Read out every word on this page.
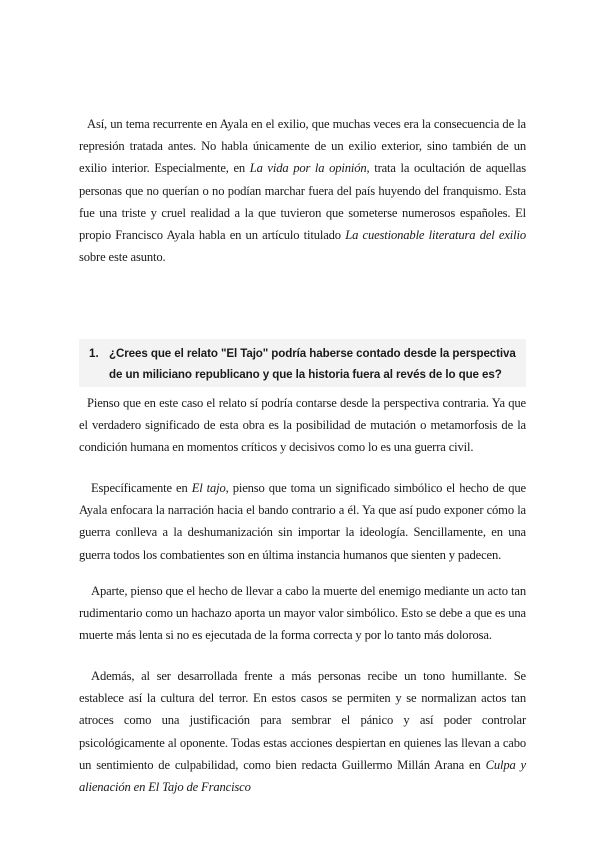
Así, un tema recurrente en Ayala en el exilio, que muchas veces era la consecuencia de la represión tratada antes. No habla únicamente de un exilio exterior, sino también de un exilio interior. Especialmente, en La vida por la opinión, trata la ocultación de aquellas personas que no querían o no podían marchar fuera del país huyendo del franquismo. Esta fue una triste y cruel realidad a la que tuvieron que someterse numerosos españoles. El propio Francisco Ayala habla en un artículo titulado La cuestionable literatura del exilio sobre este asunto.

1. ¿Crees que el relato "El Tajo" podría haberse contado desde la perspectiva de un miliciano republicano y que la historia fuera al revés de lo que es?

Pienso que en este caso el relato sí podría contarse desde la perspectiva contraria. Ya que el verdadero significado de esta obra es la posibilidad de mutación o metamorfosis de la condición humana en momentos críticos y decisivos como lo es una guerra civil.

Específicamente en El tajo, pienso que toma un significado simbólico el hecho de que Ayala enfocara la narración hacia el bando contrario a él. Ya que así pudo exponer cómo la guerra conlleva a la deshumanización sin importar la ideología. Sencillamente, en una guerra todos los combatientes son en última instancia humanos que sienten y padecen.

Aparte, pienso que el hecho de llevar a cabo la muerte del enemigo mediante un acto tan rudimentario como un hachazo aporta un mayor valor simbólico. Esto se debe a que es una muerte más lenta si no es ejecutada de la forma correcta y por lo tanto más dolorosa.

Además, al ser desarrollada frente a más personas recibe un tono humillante. Se establece así la cultura del terror. En estos casos se permiten y se normalizan actos tan atroces como una justificación para sembrar el pánico y así poder controlar psicológicamente al oponente. Todas estas acciones despiertan en quienes las llevan a cabo un sentimiento de culpabilidad, como bien redacta Guillermo Millán Arana en Culpa y alienación en El Tajo de Francisco
